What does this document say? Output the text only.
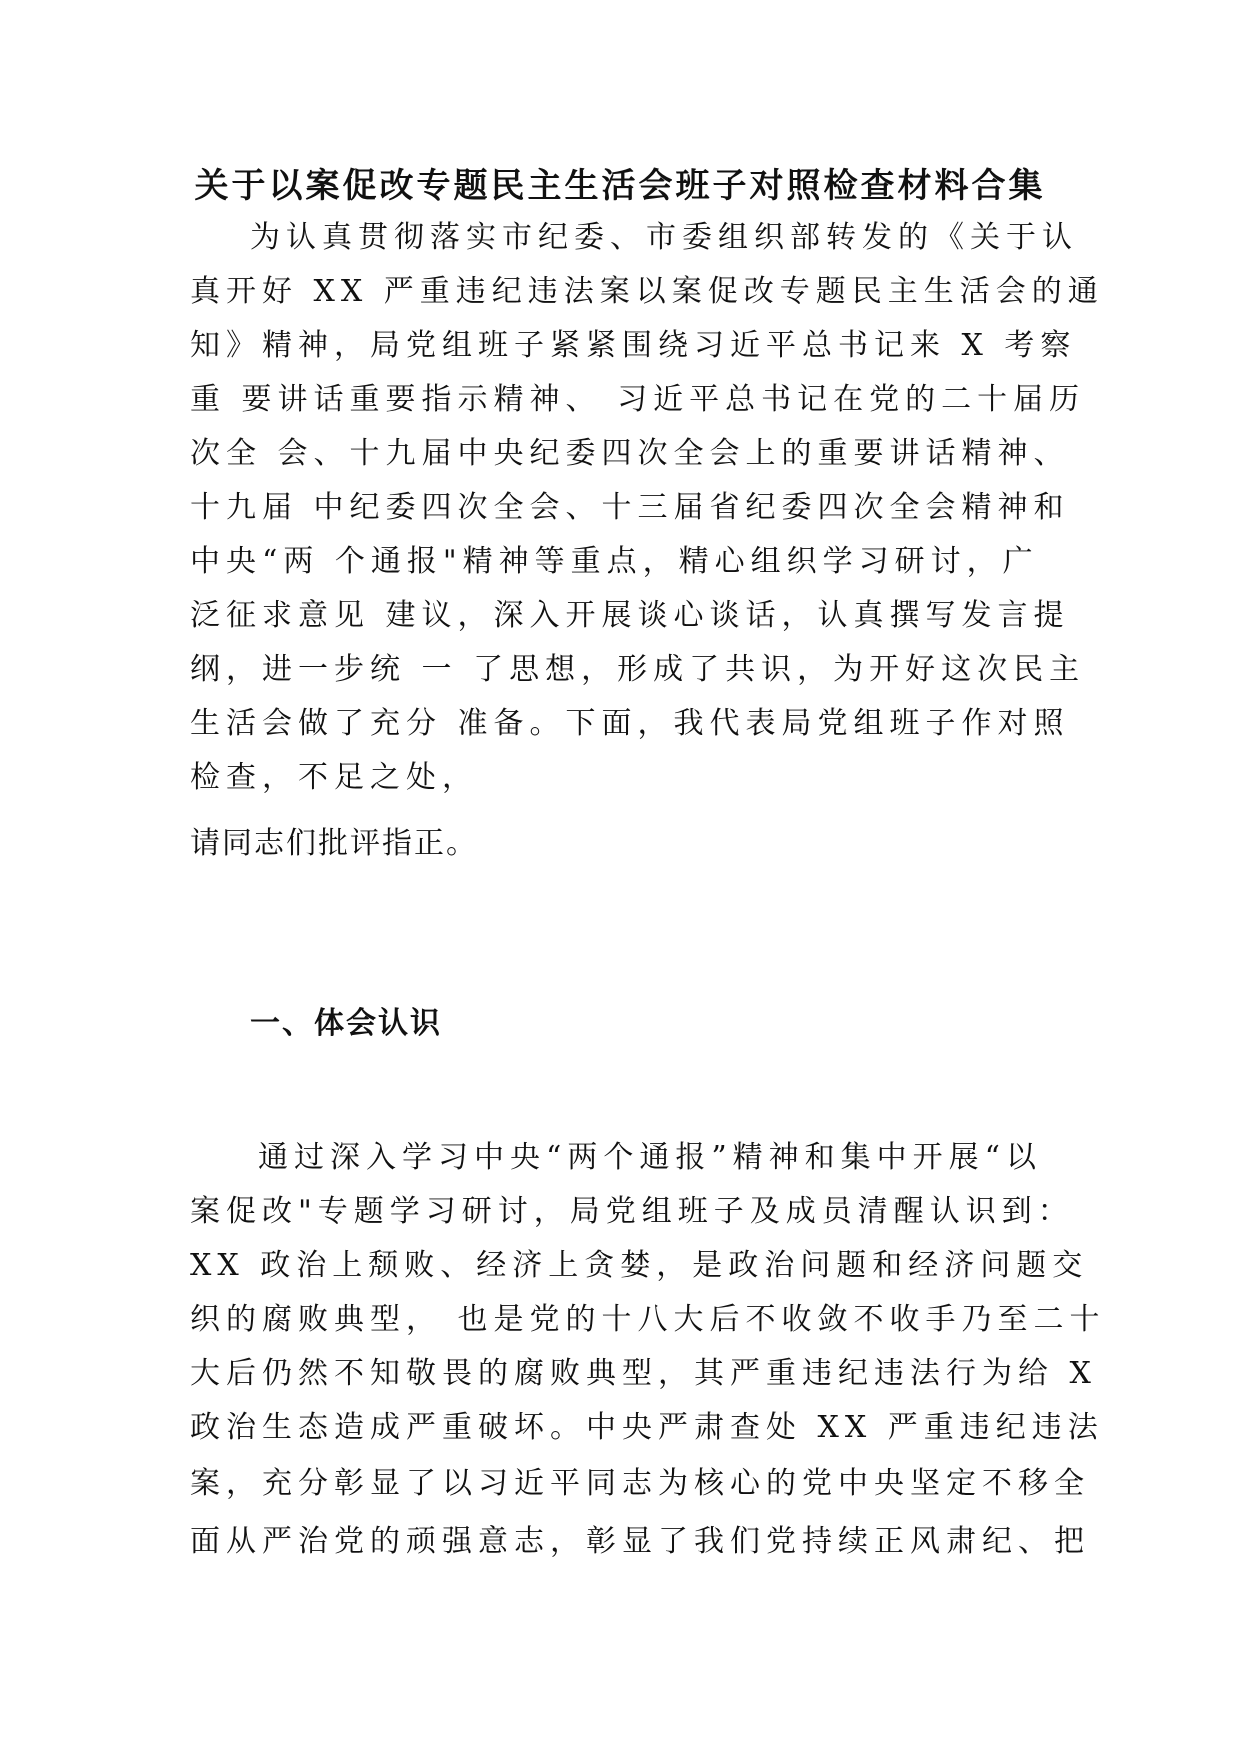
关于以案促改专题民主生活会班子对照检查材料合集

为认真贯彻落实市纪委、市委组织部转发的《关于认

真开好 XX 严重违纪违法案以案促改专题民主生活会的通

知》精神，局党组班子紧紧围绕习近平总书记来 X 考察

重 要讲话重要指示精神、 习近平总书记在党的二十届历

次全 会、十九届中央纪委四次全会上的重要讲话精神、

十九届 中纪委四次全会、十三届省纪委四次全会精神和

中央“两 个通报"精神等重点，精心组织学习研讨，广

泛征求意见 建议，深入开展谈心谈话，认真撰写发言提

纲，进一步统 一 了思想，形成了共识，为开好这次民主

生活会做了充分 准备。下面，我代表局党组班子作对照

检查，不足之处，

请同志们批评指正。

一、体会认识

通过深入学习中央“两个通报”精神和集中开展“以

案促改"专题学习研讨，局党组班子及成员清醒认识到：

XX 政治上颓败、经济上贪婪，是政治问题和经济问题交

织的腐败典型， 也是党的十八大后不收敛不收手乃至二十

大后仍然不知敬畏的腐败典型，其严重违纪违法行为给 X

政治生态造成严重破坏。中央严肃查处 XX 严重违纪违法

案，充分彰显了以习近平同志为核心的党中央坚定不移全

面从严治党的顽强意志，彰显了我们党持续正风肃纪、把
